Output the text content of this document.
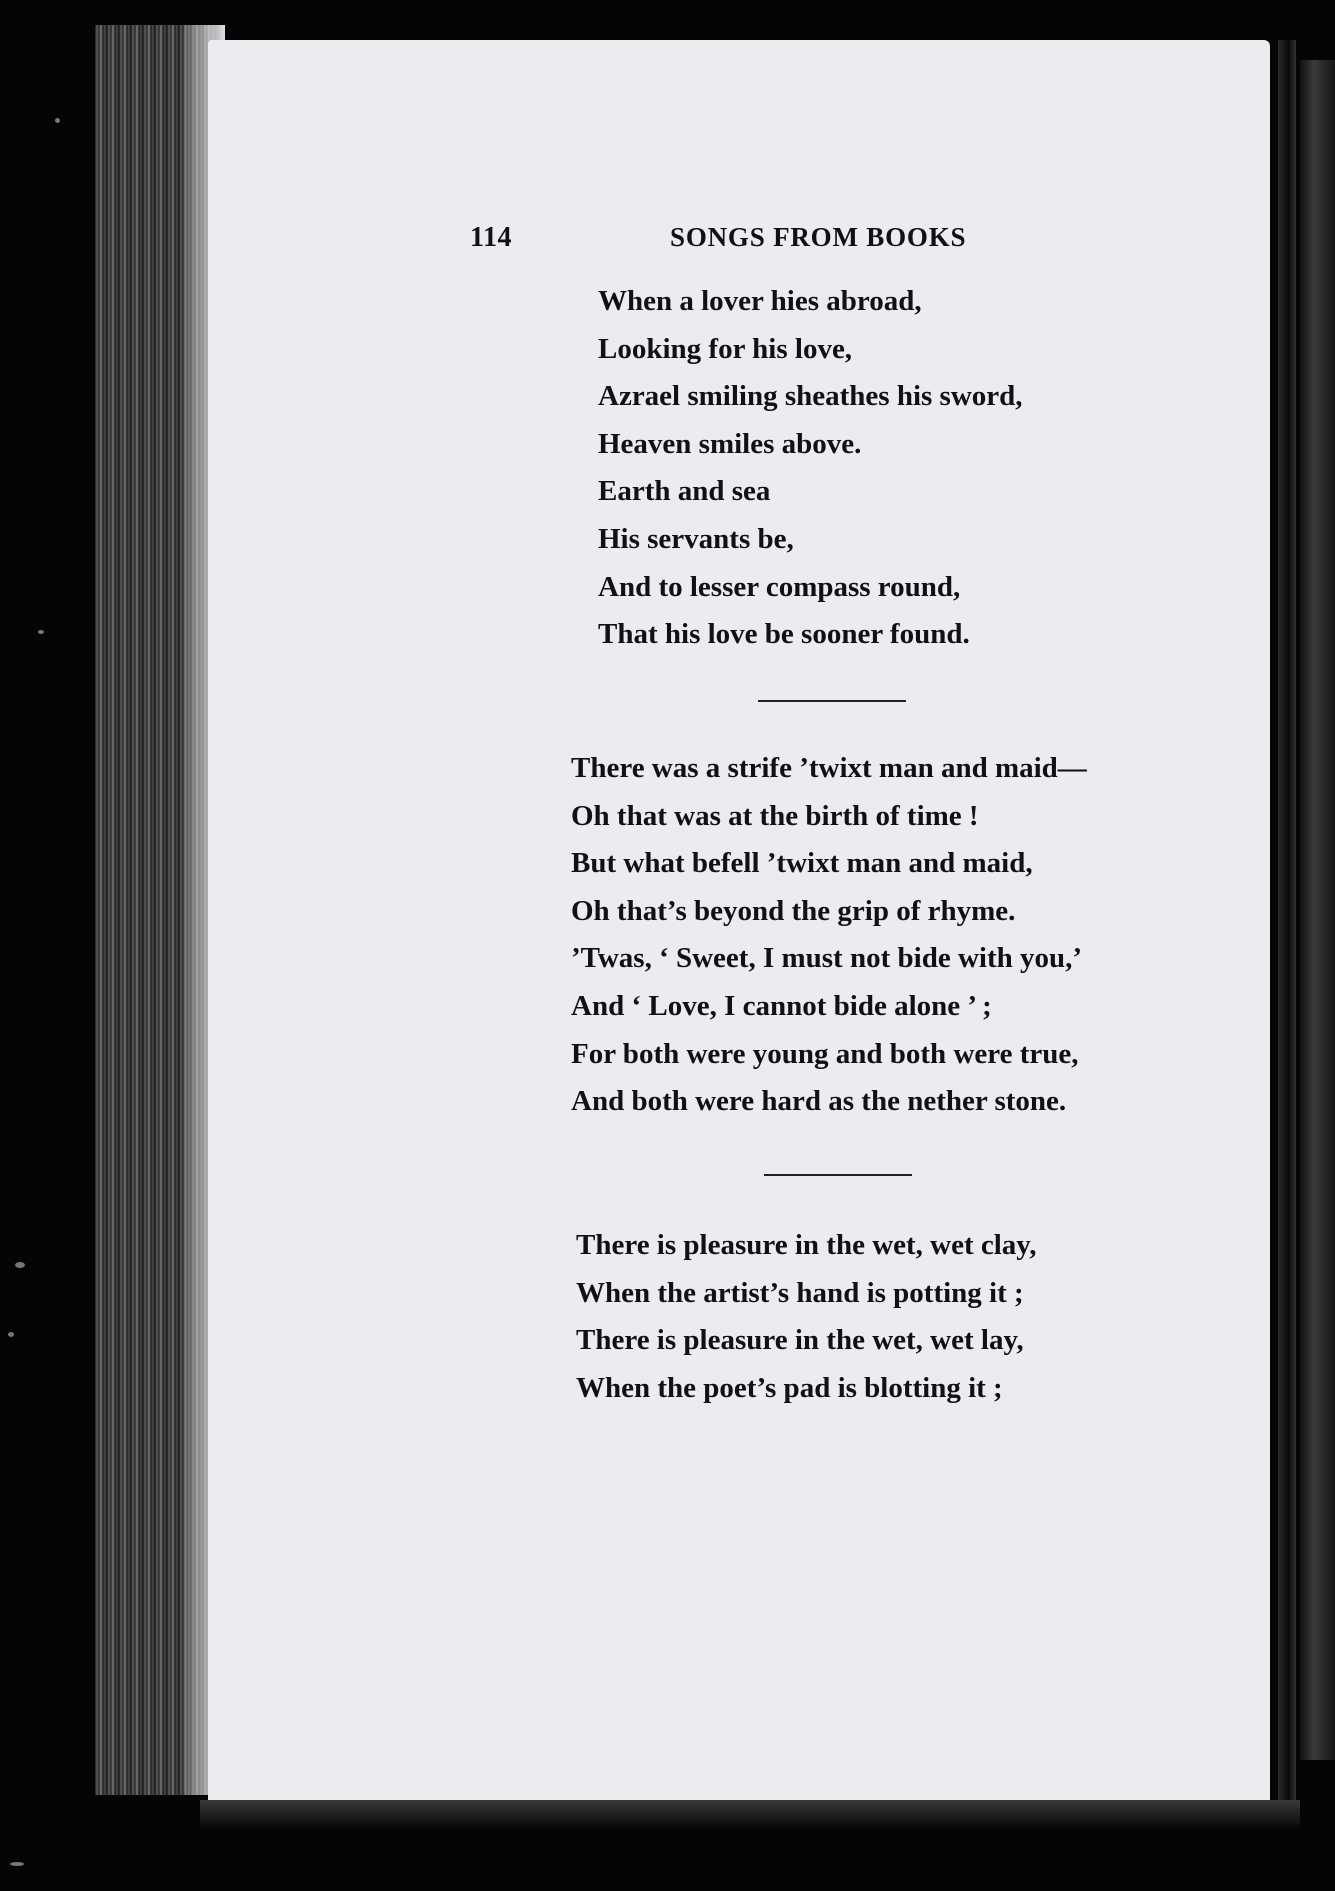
114	SONGS FROM BOOKS
When a lover hies abroad,
Looking for his love,
Azrael smiling sheathes his sword,
Heaven smiles above.
Earth and sea
His servants be,
And to lesser compass round,
That his love be sooner found.
There was a strife ’twixt man and maid—
Oh that was at the birth of time !
But what befell ’twixt man and maid,
Oh that’s beyond the grip of rhyme.
’Twas, ‘ Sweet, I must not bide with you,’
And ‘ Love, I cannot bide alone ’ ;
For both were young and both were true,
And both were hard as the nether stone.
There is pleasure in the wet, wet clay,
When the artist’s hand is potting it ;
There is pleasure in the wet, wet lay,
When the poet’s pad is blotting it ;
